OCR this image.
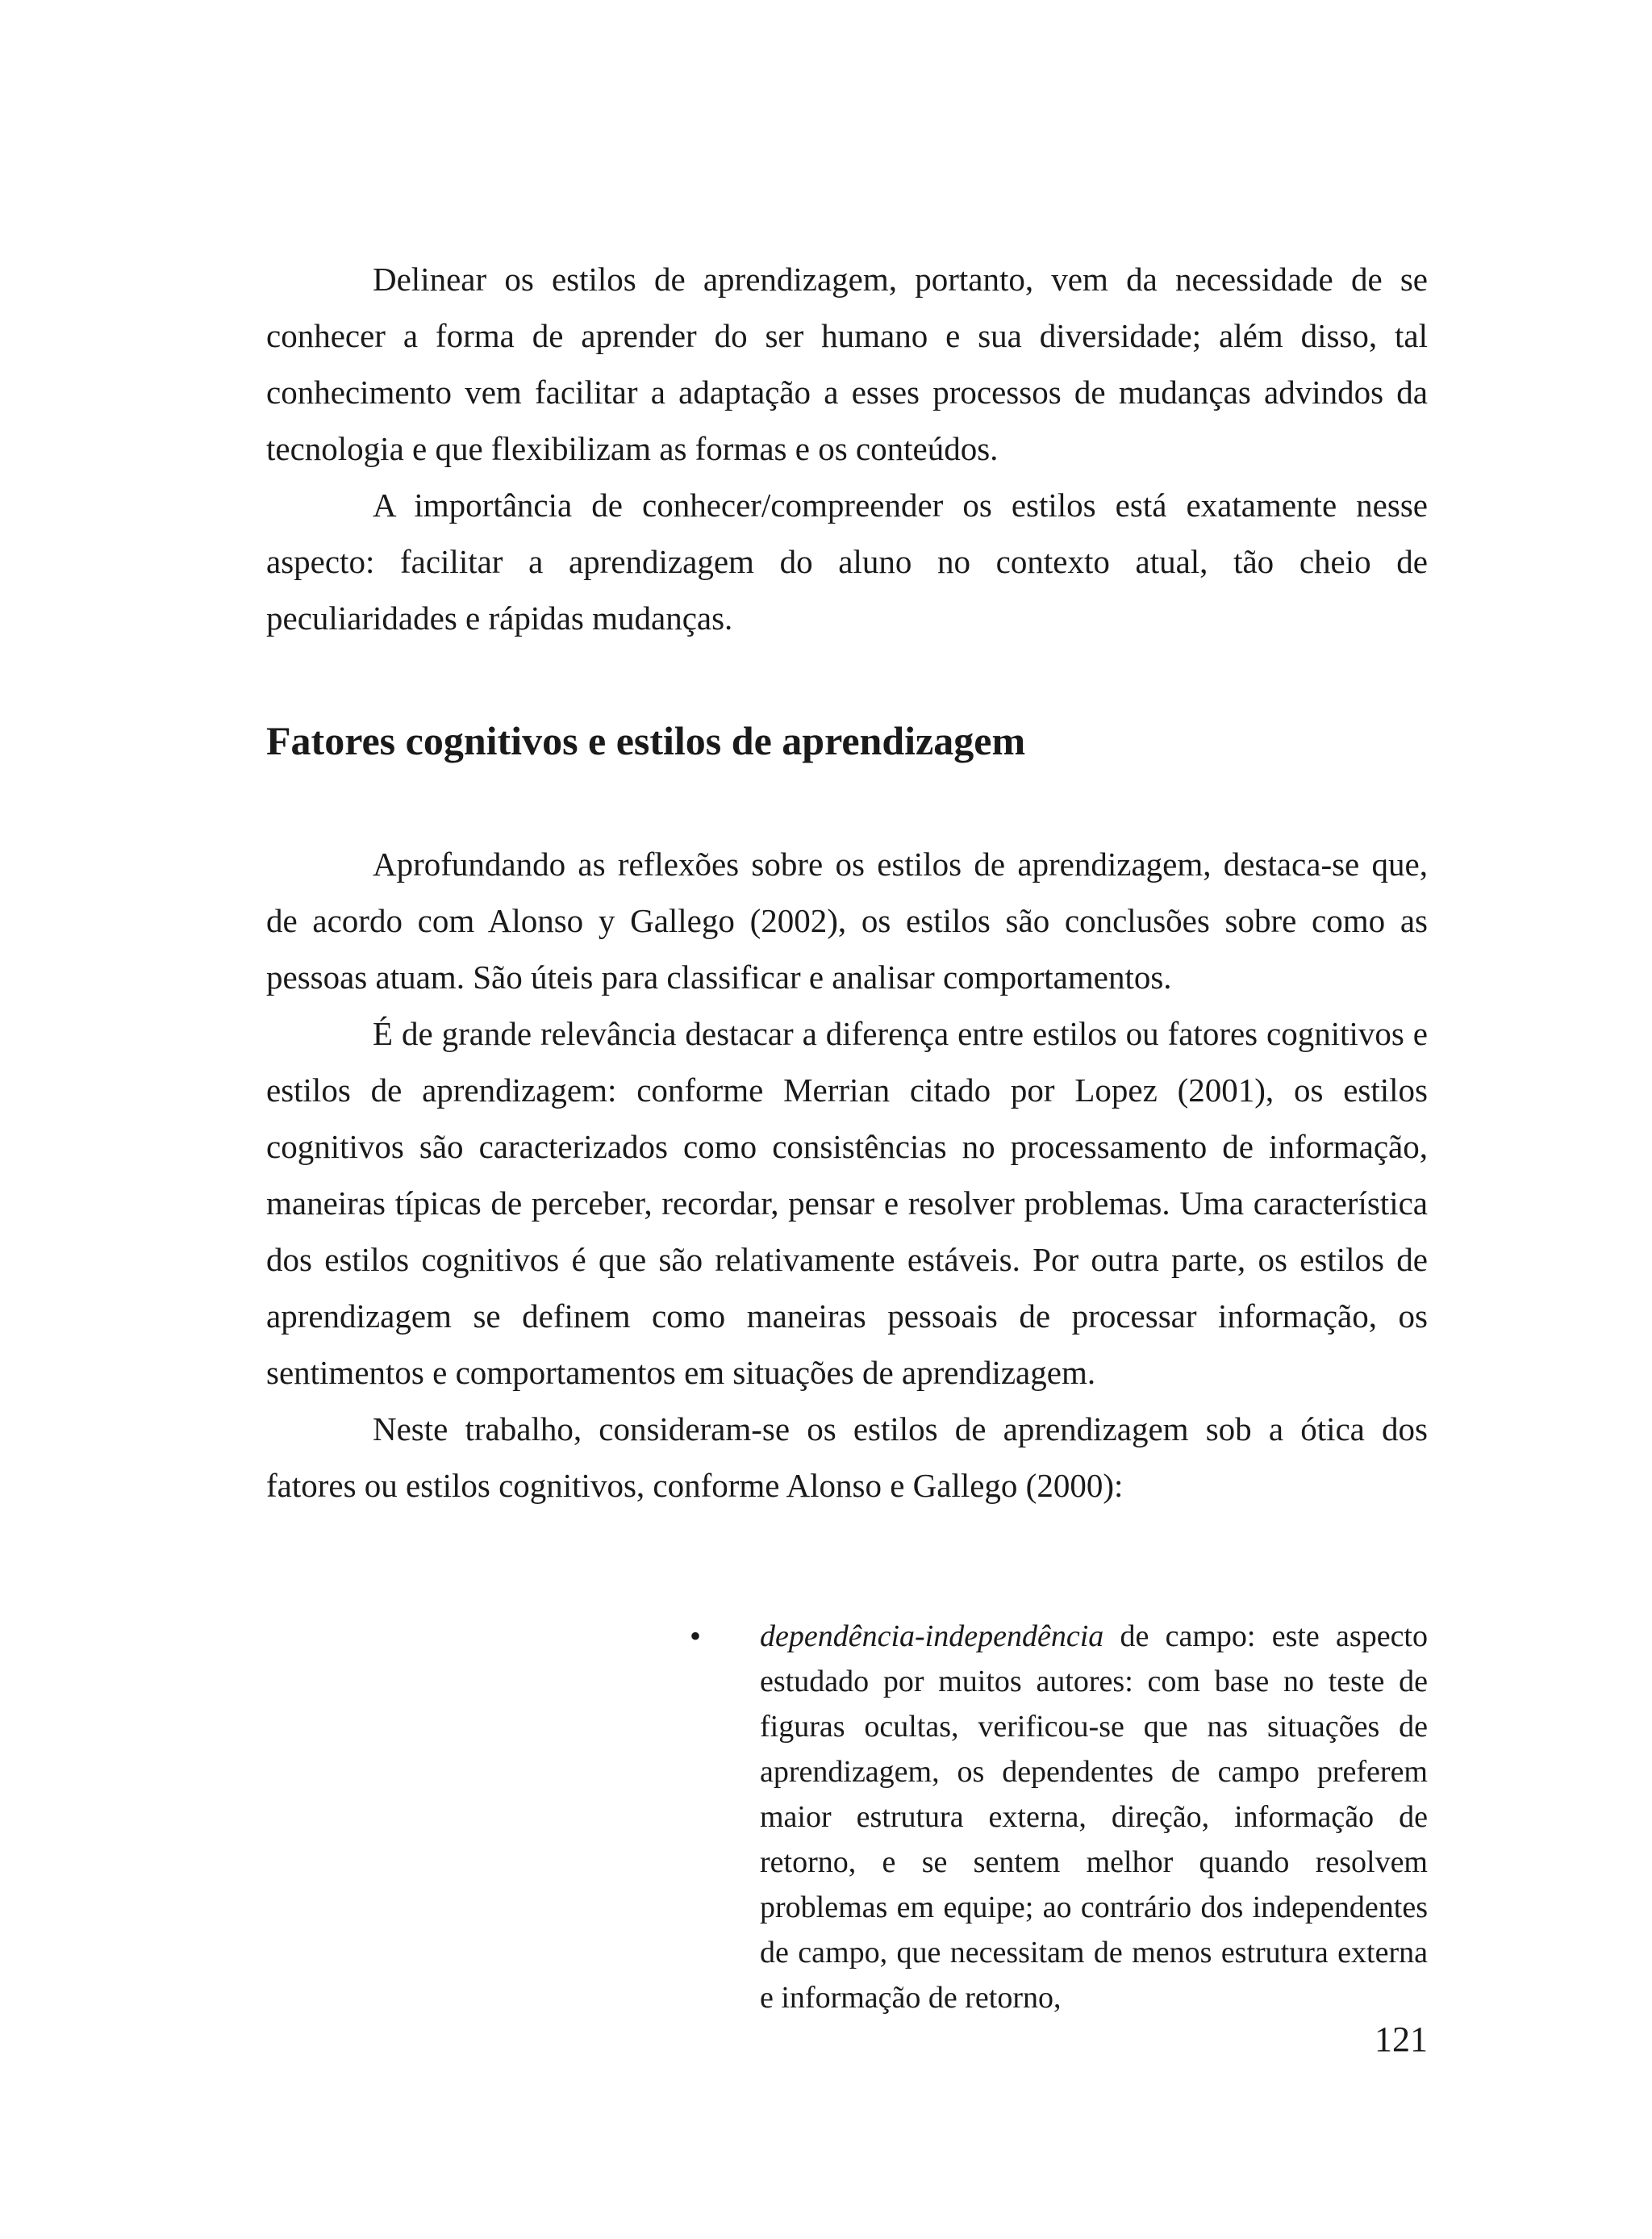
Delinear os estilos de aprendizagem, portanto, vem da necessidade de se conhecer a forma de aprender do ser humano e sua diversidade; além disso, tal conhecimento vem facilitar a adaptação a esses processos de mudanças advindos da tecnologia e que flexibilizam as formas e os conteúdos.

A importância de conhecer/compreender os estilos está exatamente nesse aspecto: facilitar a aprendizagem do aluno no contexto atual, tão cheio de peculiaridades e rápidas mudanças.

Fatores cognitivos e estilos de aprendizagem

Aprofundando as reflexões sobre os estilos de aprendizagem, destaca-se que, de acordo com Alonso y Gallego (2002), os estilos são conclusões sobre como as pessoas atuam. São úteis para classificar e analisar comportamentos.

É de grande relevância destacar a diferença entre estilos ou fatores cognitivos e estilos de aprendizagem: conforme Merrian citado por Lopez (2001), os estilos cognitivos são caracterizados como consistências no processamento de informação, maneiras típicas de perceber, recordar, pensar e resolver problemas. Uma característica dos estilos cognitivos é que são relativamente estáveis. Por outra parte, os estilos de aprendizagem se definem como maneiras pessoais de processar informação, os sentimentos e comportamentos em situações de aprendizagem.

Neste trabalho, consideram-se os estilos de aprendizagem sob a ótica dos fatores ou estilos cognitivos, conforme Alonso e Gallego (2000):

• dependência-independência de campo: este aspecto estudado por muitos autores: com base no teste de figuras ocultas, verificou-se que nas situações de aprendizagem, os dependentes de campo preferem maior estrutura externa, direção, informação de retorno, e se sentem melhor quando resolvem problemas em equipe; ao contrário dos independentes de campo, que necessitam de menos estrutura externa e informação de retorno,

121
